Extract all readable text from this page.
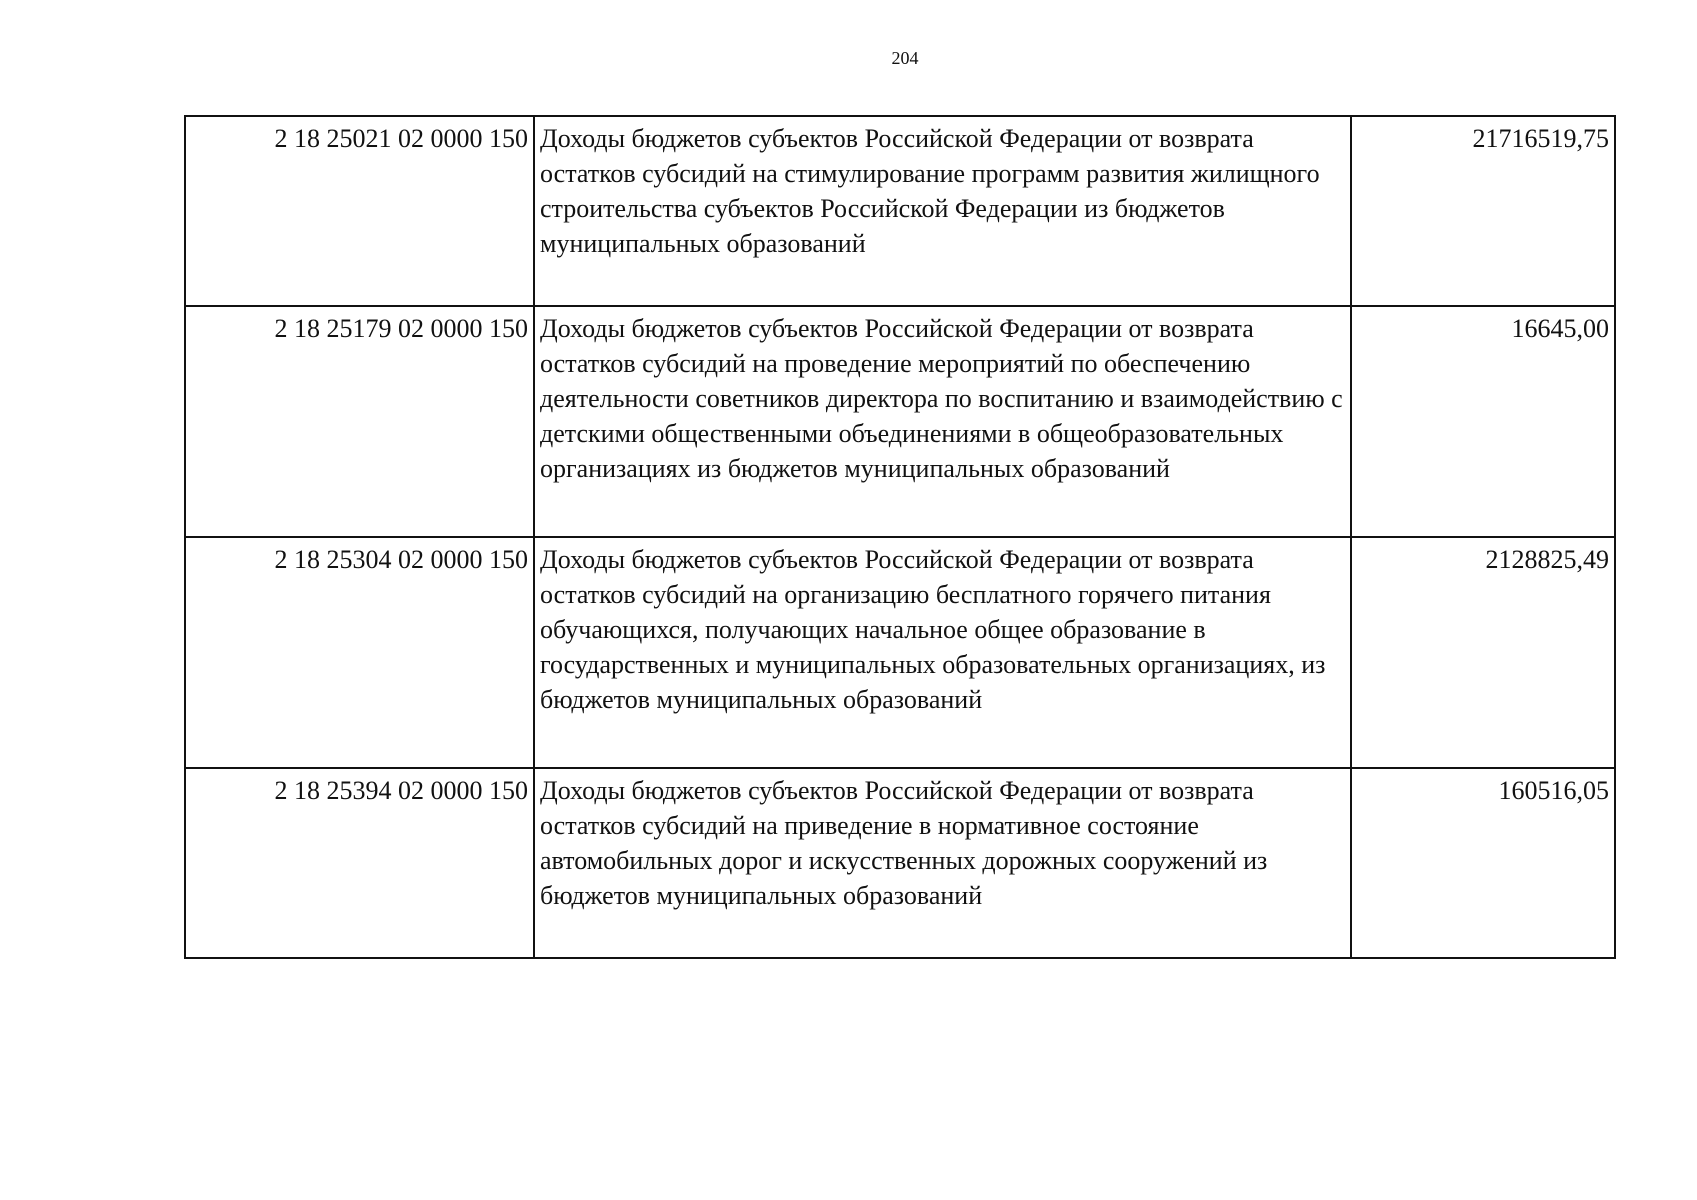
204
2 18 25021 02 0000 150	Доходы бюджетов субъектов Российской Федерации от возврата остатков субсидий на стимулирование программ развития жилищного строительства субъектов Российской Федерации из бюджетов муниципальных образований	21716519,75
2 18 25179 02 0000 150	Доходы бюджетов субъектов Российской Федерации от возврата остатков субсидий на проведение мероприятий по обеспечению деятельности советников директора по воспитанию и взаимодействию с детскими общественными объединениями в общеобразовательных организациях из бюджетов муниципальных образований	16645,00
2 18 25304 02 0000 150	Доходы бюджетов субъектов Российской Федерации от возврата остатков субсидий на организацию бесплатного горячего питания обучающихся, получающих начальное общее образование в государственных и муниципальных образовательных организациях, из бюджетов муниципальных образований	2128825,49
2 18 25394 02 0000 150	Доходы бюджетов субъектов Российской Федерации от возврата остатков субсидий на приведение в нормативное состояние автомобильных дорог и искусственных дорожных сооружений из бюджетов муниципальных образований	160516,05
